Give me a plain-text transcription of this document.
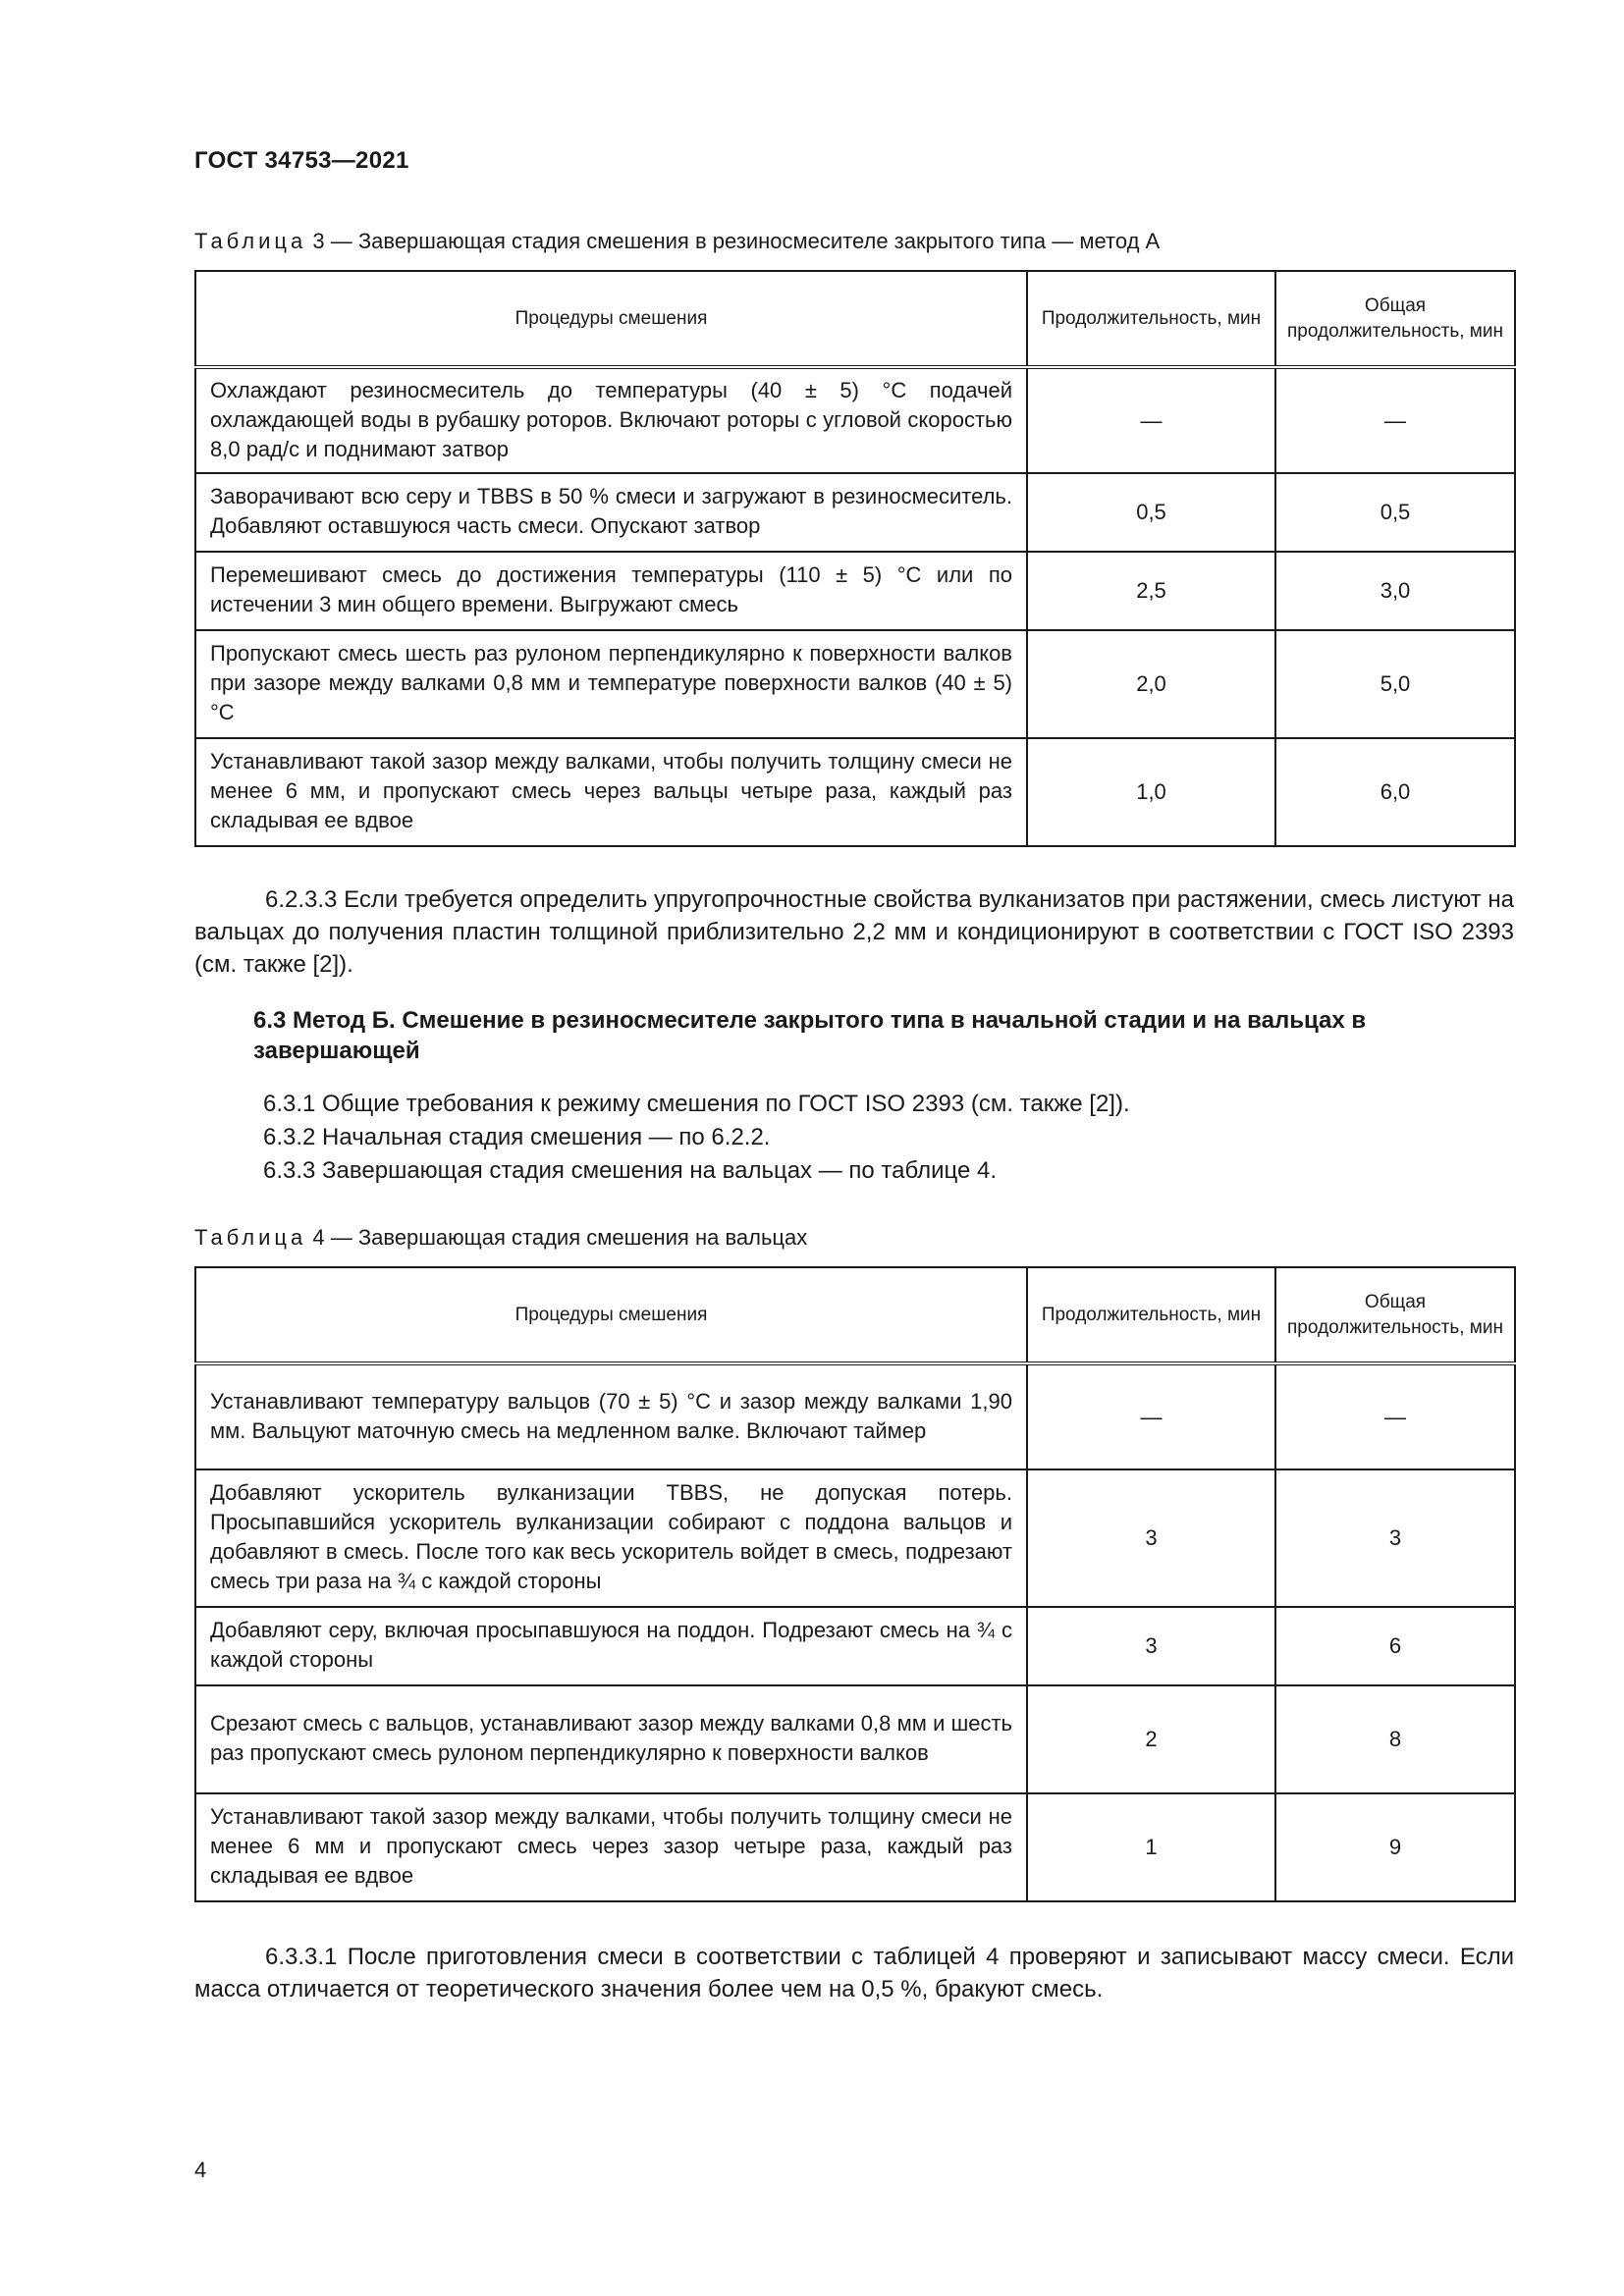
ГОСТ 34753—2021
Таблица 3 — Завершающая стадия смешения в резиносмесителе закрытого типа — метод А
Процедуры смешения	Продолжительность, мин	Общая продолжительность, мин
Охлаждают резиносмеситель до температуры (40 ± 5) °С подачей охлаждающей воды в рубашку роторов. Включают роторы с угловой скоростью 8,0 рад/с и поднимают затвор	—	—
Заворачивают всю серу и TBBS в 50 % смеси и загружают в резиносмеситель. Добавляют оставшуюся часть смеси. Опускают затвор	0,5	0,5
Перемешивают смесь до достижения температуры (110 ± 5) °С или по истечении 3 мин общего времени. Выгружают смесь	2,5	3,0
Пропускают смесь шесть раз рулоном перпендикулярно к поверхности валков при зазоре между валками 0,8 мм и температуре поверхности валков (40 ± 5) °С	2,0	5,0
Устанавливают такой зазор между валками, чтобы получить толщину смеси не менее 6 мм, и пропускают смесь через вальцы четыре раза, каждый раз складывая ее вдвое	1,0	6,0
6.2.3.3 Если требуется определить упругопрочностные свойства вулканизатов при растяжении, смесь листуют на вальцах до получения пластин толщиной приблизительно 2,2 мм и кондиционируют в соответствии с ГОСТ ISO 2393 (см. также [2]).
6.3 Метод Б. Смешение в резиносмесителе закрытого типа в начальной стадии и на вальцах в завершающей
6.3.1 Общие требования к режиму смешения по ГОСТ ISO 2393 (см. также [2]).
6.3.2 Начальная стадия смешения — по 6.2.2.
6.3.3 Завершающая стадия смешения на вальцах — по таблице 4.
Таблица 4 — Завершающая стадия смешения на вальцах
Процедуры смешения	Продолжительность, мин	Общая продолжительность, мин
Устанавливают температуру вальцов (70 ± 5) °С и зазор между валками 1,90 мм. Вальцуют маточную смесь на медленном валке. Включают таймер	—	—
Добавляют ускоритель вулканизации TBBS, не допуская потерь. Просыпавшийся ускоритель вулканизации собирают с поддона вальцов и добавляют в смесь. После того как весь ускоритель войдет в смесь, подрезают смесь три раза на ¾ с каждой стороны	3	3
Добавляют серу, включая просыпавшуюся на поддон. Подрезают смесь на ¾ с каждой стороны	3	6
Срезают смесь с вальцов, устанавливают зазор между валками 0,8 мм и шесть раз пропускают смесь рулоном перпендикулярно к поверхности валков	2	8
Устанавливают такой зазор между валками, чтобы получить толщину смеси не менее 6 мм и пропускают смесь через зазор четыре раза, каждый раз складывая ее вдвое	1	9
6.3.3.1 После приготовления смеси в соответствии с таблицей 4 проверяют и записывают массу смеси. Если масса отличается от теоретического значения более чем на 0,5 %, бракуют смесь.
4
